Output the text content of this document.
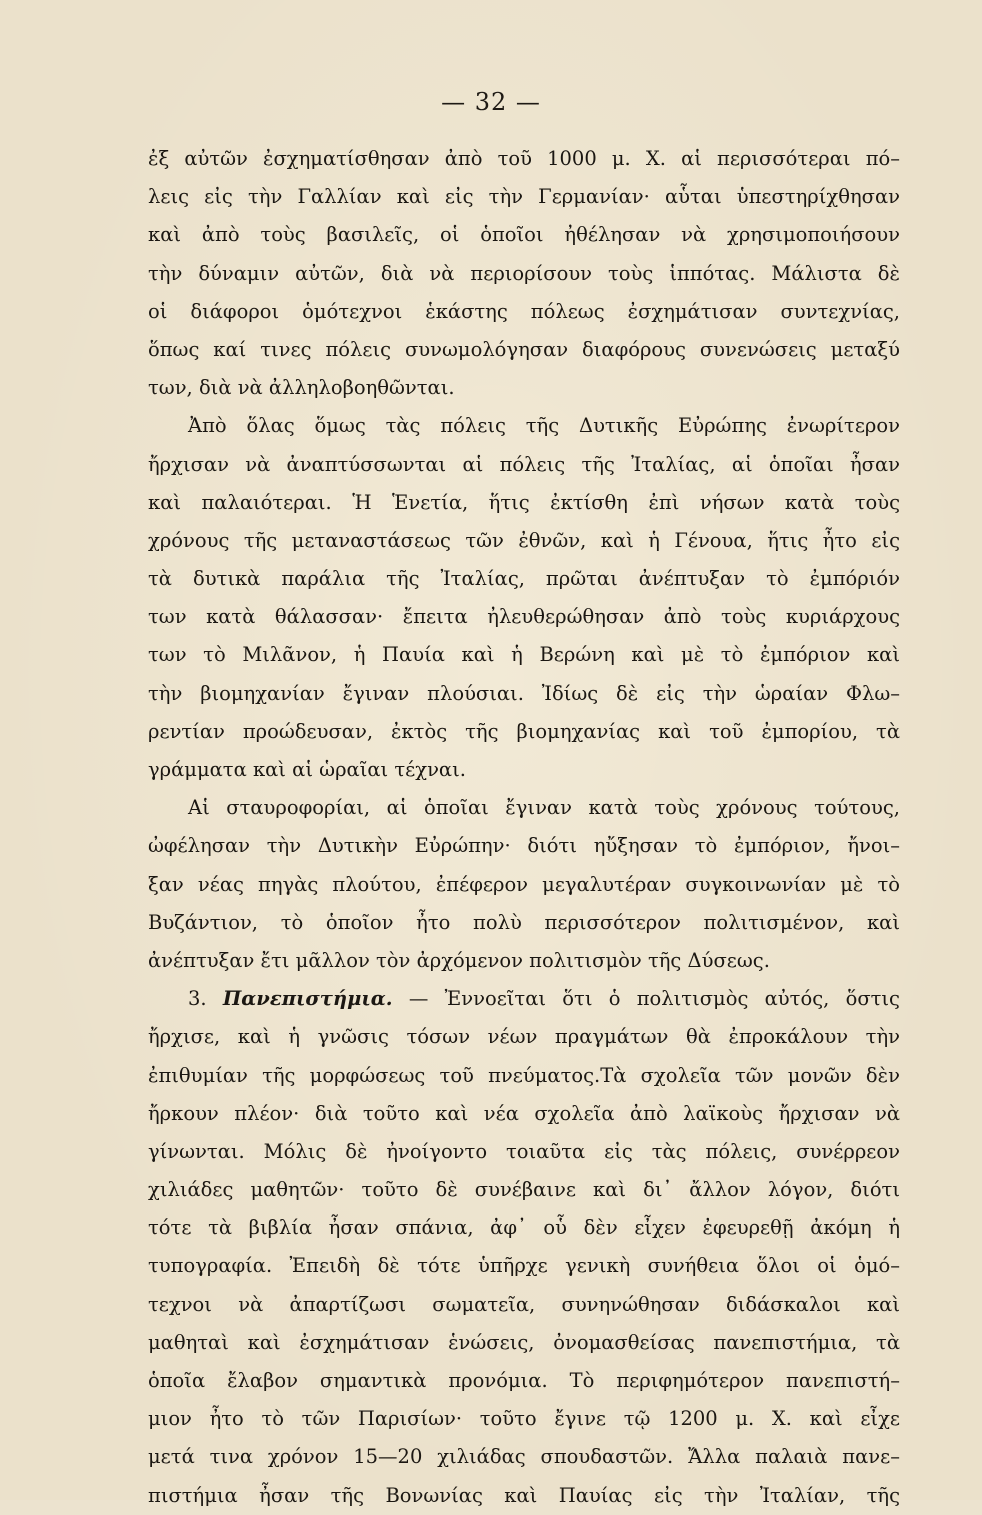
— 32 —
ἐξ αὐτῶν ἐσχηματίσθησαν ἀπὸ τοῦ 1000 μ. Χ. αἱ περισσότεραι πό–
λεις εἰς τὴν Γαλλίαν καὶ εἰς τὴν Γερμανίαν· αὗται ὑπεστηρίχθησαν
καὶ ἀπὸ τοὺς βασιλεῖς, οἱ ὁποῖοι ἠθέλησαν νὰ χρησιμοποιήσουν
τὴν δύναμιν αὐτῶν, διὰ νὰ περιορίσουν τοὺς ἱππότας. Μάλιστα δὲ
οἱ διάφοροι ὁμότεχνοι ἑκάστης πόλεως ἐσχημάτισαν συντεχνίας,
ὅπως καί τινες πόλεις συνωμολόγησαν διαφόρους συνενώσεις μεταξύ
των, διὰ νὰ ἀλληλοβοηθῶνται.
Ἀπὸ ὅλας ὅμως τὰς πόλεις τῆς Δυτικῆς Εὐρώπης ἐνωρίτερον
ἤρχισαν νὰ ἀναπτύσσωνται αἱ πόλεις τῆς Ἰταλίας, αἱ ὁποῖαι ἦσαν
καὶ παλαιότεραι. Ἡ Ἑνετία, ἥτις ἐκτίσθη ἐπὶ νήσων κατὰ τοὺς
χρόνους τῆς μεταναστάσεως τῶν ἐθνῶν, καὶ ἡ Γένουα, ἥτις ἦτο εἰς
τὰ δυτικὰ παράλια τῆς Ἰταλίας, πρῶται ἀνέπτυξαν τὸ ἐμπόριόν
των κατὰ θάλασσαν· ἔπειτα ἠλευθερώθησαν ἀπὸ τοὺς κυριάρχους
των τὸ Μιλᾶνον, ἡ Παυία καὶ ἡ Βερώνη καὶ μὲ τὸ ἐμπόριον καὶ
τὴν βιομηχανίαν ἔγιναν πλούσιαι. Ἰδίως δὲ εἰς τὴν ὡραίαν Φλω–
ρεντίαν προώδευσαν, ἐκτὸς τῆς βιομηχανίας καὶ τοῦ ἐμπορίου, τὰ
γράμματα καὶ αἱ ὡραῖαι τέχναι.
Αἱ σταυροφορίαι, αἱ ὁποῖαι ἔγιναν κατὰ τοὺς χρόνους τούτους,
ὠφέλησαν τὴν Δυτικὴν Εὐρώπην· διότι ηὔξησαν τὸ ἐμπόριον, ἤνοι–
ξαν νέας πηγὰς πλούτου, ἐπέφερον μεγαλυτέραν συγκοινωνίαν μὲ τὸ
Βυζάντιον, τὸ ὁποῖον ἦτο πολὺ περισσότερον πολιτισμένον, καὶ
ἀνέπτυξαν ἔτι μᾶλλον τὸν ἀρχόμενον πολιτισμὸν τῆς Δύσεως.
3. Πανεπιστήμια. — Ἐννοεῖται ὅτι ὁ πολιτισμὸς αὐτός, ὅστις
ἤρχισε, καὶ ἡ γνῶσις τόσων νέων πραγμάτων θὰ ἐπροκάλουν τὴν
ἐπιθυμίαν τῆς μορφώσεως τοῦ πνεύματος.Τὰ σχολεῖα τῶν μονῶν δὲν
ἤρκουν πλέον· διὰ τοῦτο καὶ νέα σχολεῖα ἀπὸ λαϊκοὺς ἤρχισαν νὰ
γίνωνται. Μόλις δὲ ἠνοίγοντο τοιαῦτα εἰς τὰς πόλεις, συνέρρεον
χιλιάδες μαθητῶν· τοῦτο δὲ συνέβαινε καὶ δι᾽ ἄλλον λόγον, διότι
τότε τὰ βιβλία ἦσαν σπάνια, ἀφ᾽ οὗ δὲν εἶχεν ἐφευρεθῇ ἀκόμη ἡ
τυπογραφία. Ἐπειδὴ δὲ τότε ὑπῆρχε γενικὴ συνήθεια ὅλοι οἱ ὁμό–
τεχνοι νὰ ἀπαρτίζωσι σωματεῖα, συνηνώθησαν διδάσκαλοι καὶ
μαθηταὶ καὶ ἐσχημάτισαν ἑνώσεις, ὀνομασθείσας πανεπιστήμια, τὰ
ὁποῖα ἔλαβον σημαντικὰ προνόμια. Τὸ περιφημότερον πανεπιστή–
μιον ἦτο τὸ τῶν Παρισίων· τοῦτο ἔγινε τῷ 1200 μ. Χ. καὶ εἶχε
μετά τινα χρόνον 15—20 χιλιάδας σπουδαστῶν. Ἄλλα παλαιὰ πανε–
πιστήμια ἦσαν τῆς Βονωνίας καὶ Παυίας εἰς τὴν Ἰταλίαν, τῆς
